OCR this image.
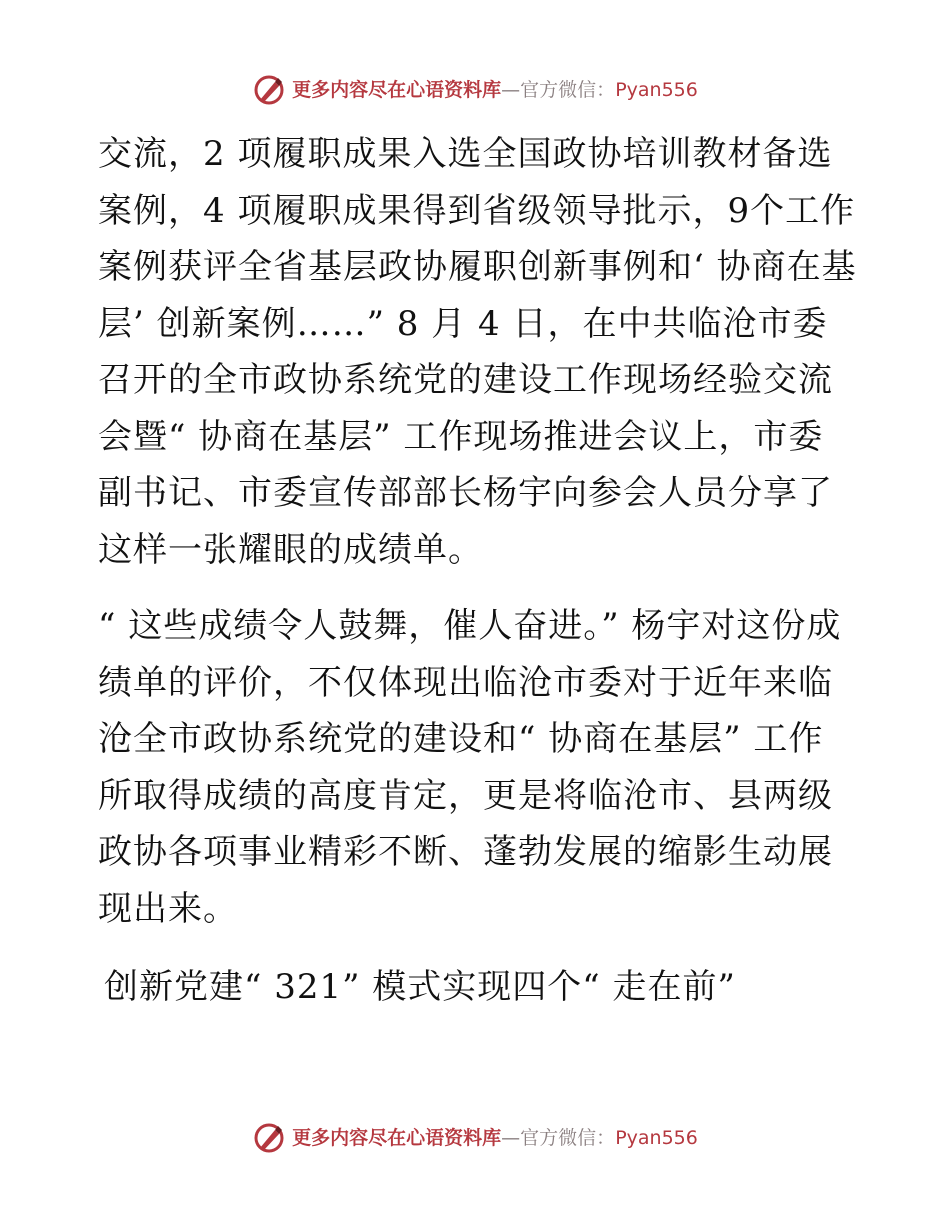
更多内容尽在心语资料库—官方微信：Pyan556

交流，2 项履职成果入选全国政协培训教材备选案例，4 项履职成果得到省级领导批示，9个工作案例获评全省基层政协履职创新事例和‘ 协商在基层’ 创新案例……” 8 月 4 日，在中共临沧市委召开的全市政协系统党的建设工作现场经验交流会暨“ 协商在基层” 工作现场推进会议上，市委副书记、市委宣传部部长杨宇向参会人员分享了这样一张耀眼的成绩单。

“ 这些成绩令人鼓舞，催人奋进。” 杨宇对这份成绩单的评价，不仅体现出临沧市委对于近年来临沧全市政协系统党的建设和“ 协商在基层” 工作所取得成绩的高度肯定，更是将临沧市、县两级政协各项事业精彩不断、蓬勃发展的缩影生动展现出来。

创新党建“ 321” 模式实现四个“ 走在前”

更多内容尽在心语资料库—官方微信：Pyan556
